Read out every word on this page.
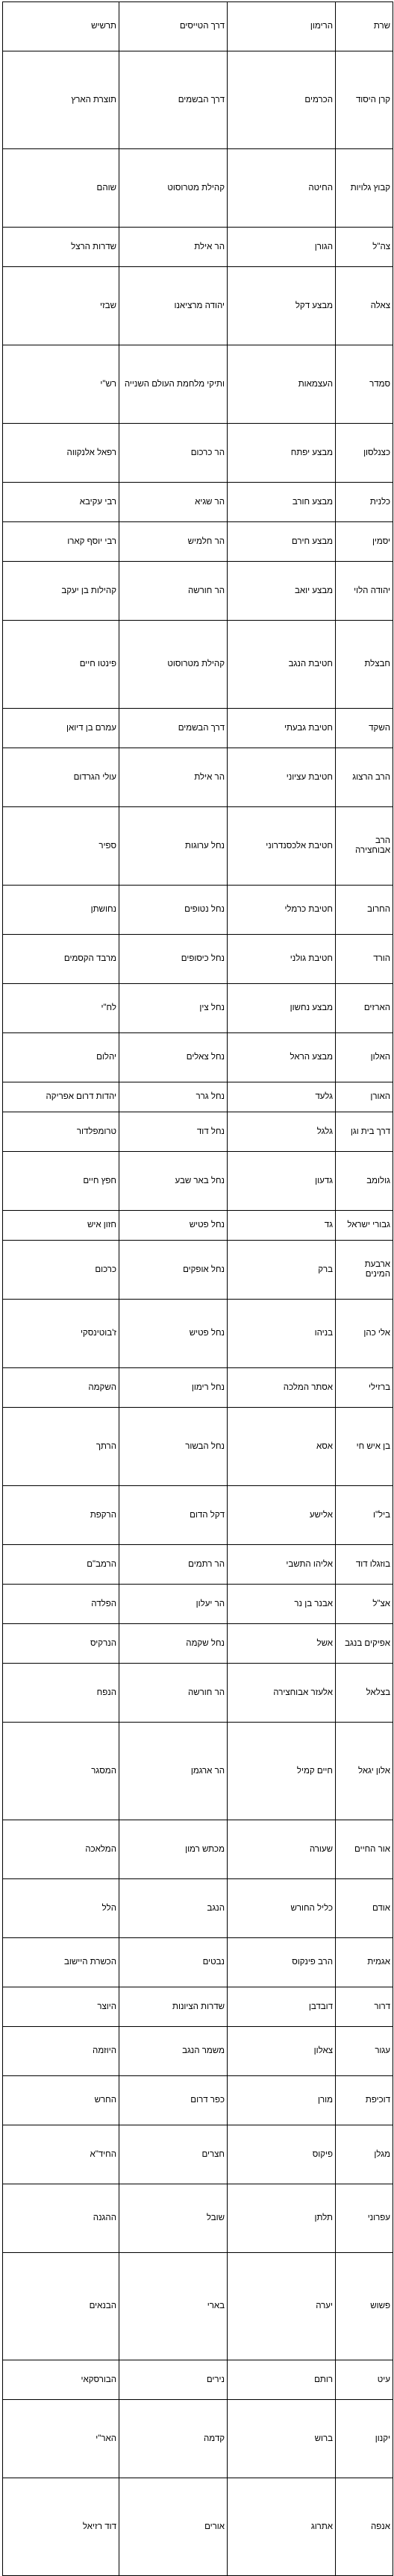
שרת	הרימון	דרך הטייסים	תרשיש	
קרן היסוד	הכרמים	דרך הבשמים	תוצרת הארץ	
קבוץ גלויות	החיטה	קהילת מטרוסוט	שוהם	
צה"ל	הגורן	הר אילת	שדרות הרצל	
צאלה	מבצע דקל	יהודה מרציאנו	שבזי	
סמדר	העצמאות	ותיקי מלחמת העולם השנייה	רש"י	
כצנלסון	מבצע יפתח	הר כרכום	רפאל אלנקווה	
כלנית	מבצע חורב	הר שגיא	רבי עקיבא	
יסמין	מבצע חירם	הר חלמיש	רבי יוסף קארו	
יהודה הלוי	מבצע יואב	הר חורשה	קהילות בן יעקב	
חבצלת	חטיבת הנגב	קהילת מטרוסוט	פינטו חיים	
השקד	חטיבת גבעתי	דרך הבשמים	עמרם בן דיואן	
הרב הרצוג	חטיבת עציוני	הר אילת	עולי הגרדום	
הרב אבוחצירה	חטיבת אלכסנדרוני	נחל ערוגות	ספיר	
החרוב	חטיבת כרמלי	נחל נטופים	נחושתן	
הורד	חטיבת גולני	נחל כיסופים	מרבד הקסמים	
הארזים	מבצע נחשון	נחל צין	לח"י	
האלון	מבצע הראל	נחל צאלים	יהלום	
האורן	גלעד	נחל גרר	יהדות דרום אפריקה	
דרך בית וגן	גלגל	נחל דוד	טרומפלדור	
גולומב	גדעון	נחל באר שבע	חפץ חיים	
גבורי ישראל	גד	נחל פטיש	חזון איש	
ארבעת המינים	ברק	נחל אופקים	כרכום	
אלי כהן	בניהו	נחל פטיש	ז'בוטינסקי	
ברזילי	אסתר המלכה	נחל רימון	השקמה	
בן איש חי	אסא	נחל הבשור	הרתך	
ביל"ו	אלישע	דקל הדום	הרקפת	
בוזגלו דוד	אליהו התשבי	הר רתמים	הרמב"ם	
אצ"ל	אבנר בן נר	הר יעלון	הפלדה	
אפיקים בנגב	אשל	נחל שקמה	הנרקיס	
בצלאל	אלעזר אבוחצירה	הר חורשה	הנפח	
אלון יגאל	חיים קמיל	הר ארגמן	המסגר	
אור החיים	שעורה	מכתש רמון	המלאכה	
אודם	כליל החורש	הנגב	הלל	
אגמית	הרב פינקוס	נבטים	הכשרת היישוב	
דרור	דובדבן	שדרות הציונות	היוצר	
עגור	צאלון	משמר הנגב	היוזמה	
דוכיפת	מורן	כפר דרום	החרש	
מגלן	פיקוס	חצרים	החיד"א	
עפרוני	תלתן	שובל	ההגנה	
פשוש	יערה	בארי	הבנאים	
עיט	רותם	נירים	הבורסקאי	
יקנון	ברוש	קדמה	האר"י	
אנפה	אתרוג	אורים	דוד רזיאל	
